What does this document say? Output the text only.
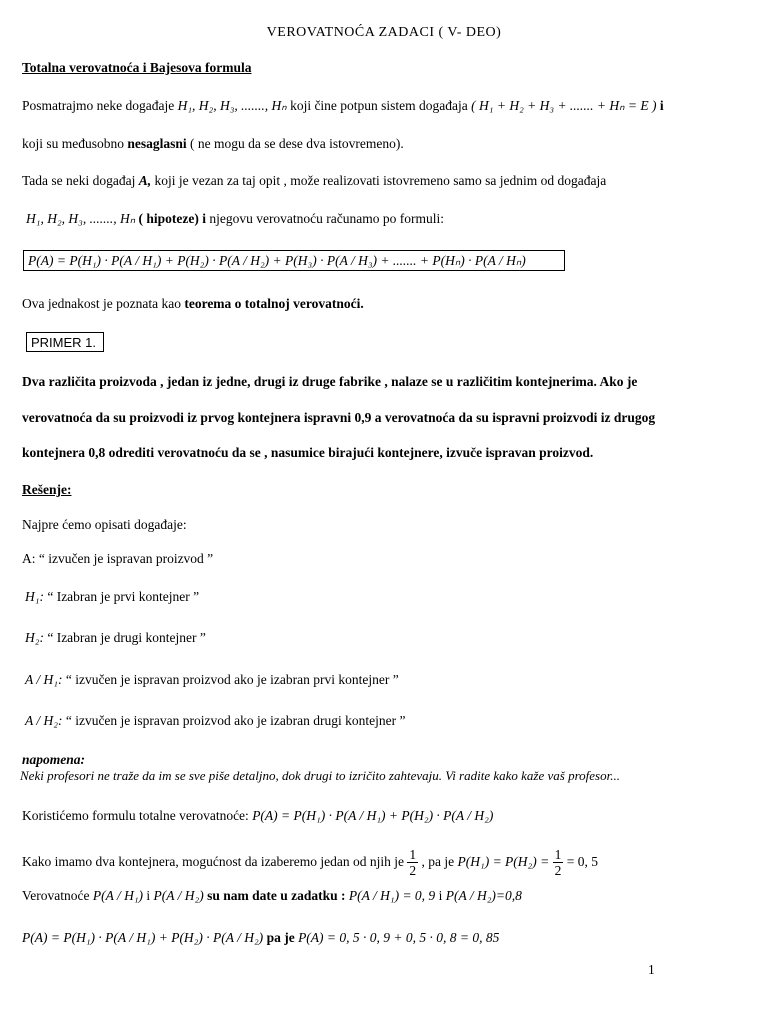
VEROVATNOĆA ZADACI ( V- DEO)
Totalna verovatnoća i Bajesova formula
Posmatrajmo neke događaje H₁, H₂, H₃, ......., Hₙ koji čine potpun sistem događaja ( H₁ + H₂ + H₃ + ....... + Hₙ = E ) i
koji su međusobno nesaglasni ( ne mogu da se dese dva istovremeno).
Tada se neki događaj A, koji je vezan za taj opit , može realizovati istovremeno samo sa jednim od događaja
H₁, H₂, H₃, ......., Hₙ ( hipoteze) i njegovu verovatnoću računamo po formuli:
P(A) = P(H₁) · P(A / H₁) + P(H₂) · P(A / H₂) + P(H₃) · P(A / H₃) + ....... + P(Hₙ) · P(A / Hₙ)
Ova jednakost je poznata kao teorema o totalnoj verovatnoći.
PRIMER 1.
Dva različita proizvoda , jedan iz jedne, drugi iz druge fabrike , nalaze se u različitim kontejnerima. Ako je
verovatnoća da su proizvodi iz prvog kontejnera ispravni 0,9 a verovatnoća da su ispravni proizvodi iz drugog
kontejnera 0,8 odrediti verovatnoću da se , nasumice birajući kontejnere, izvuče ispravan proizvod.
Rešenje:
Najpre ćemo opisati događaje:
A: “ izvučen je ispravan proizvod ”
H₁: “ Izabran je prvi kontejner ”
H₂: “ Izabran je drugi kontejner ”
A / H₁: “ izvučen je ispravan proizvod ako je izabran prvi kontejner ”
A / H₂: “ izvučen je ispravan proizvod ako je izabran drugi kontejner ”
napomena:
Neki profesori ne traže da im se sve piše detaljno, dok drugi to izričito zahtevaju. Vi radite kako kaže vaš profesor...
Koristićemo formulu totalne verovatnoće: P(A) = P(H₁) · P(A / H₁) + P(H₂) · P(A / H₂)
Kako imamo dva kontejnera, mogućnost da izaberemo jedan od njih je $\frac{1}{2}$ , pa je $P(H_1) = P(H_2) = \frac{1}{2} = 0$, 5
Verovatnoće P(A / H₁) i P(A / H₂) su nam date u zadatku : P(A / H₁) = 0, 9 i P(A / H₂)=0,8
P(A) = P(H₁) · P(A / H₁) + P(H₂) · P(A / H₂) pa je P(A) = 0, 5 · 0, 9 + 0, 5 · 0, 8 = 0, 85
1
